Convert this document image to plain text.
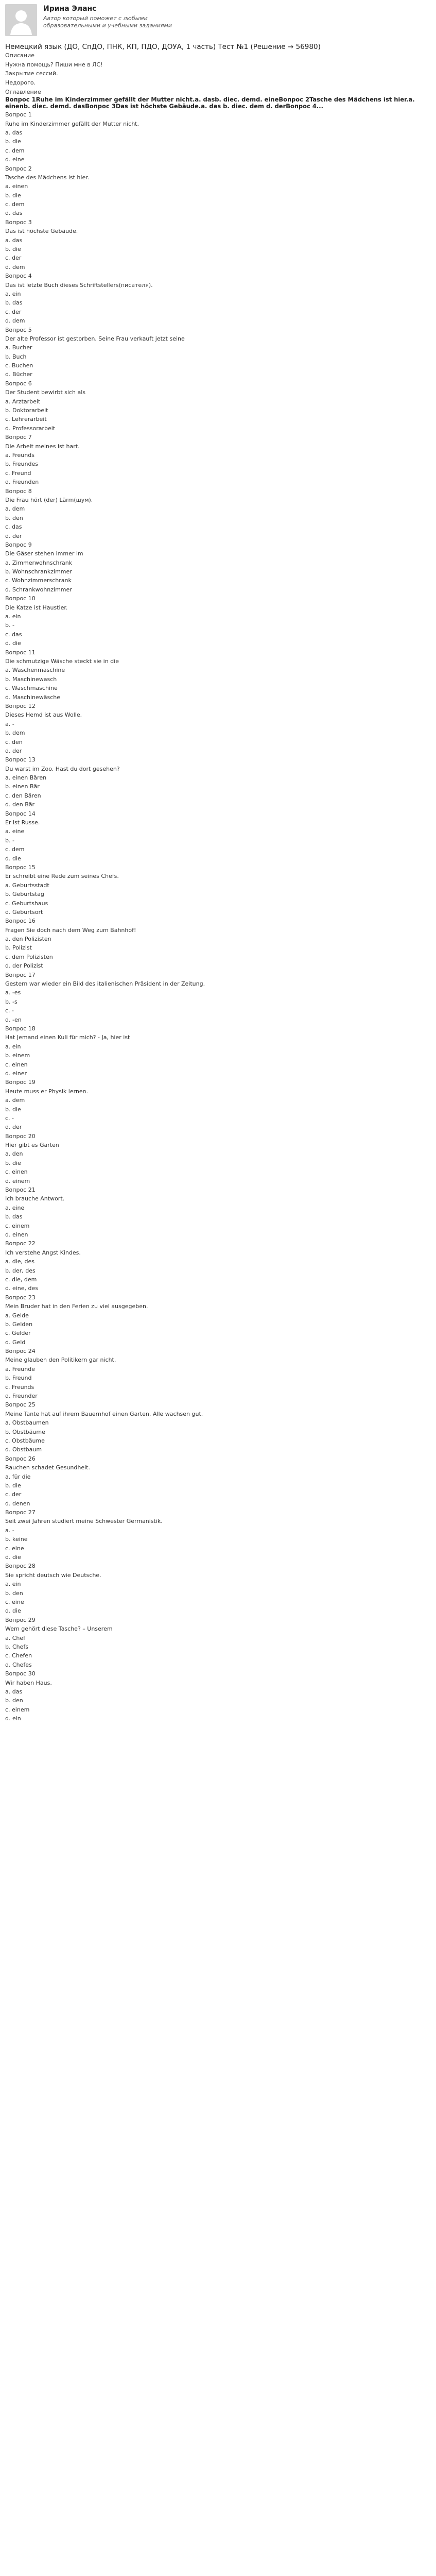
Ирина Эланс
Автор который поможет с любыми образовательными и учебными заданиями
Немецкий язык (ДО, СпДО, ПНК, КП, ПДО, ДОУА, 1 часть) Тест №1 (Решение → 56980)
Описание
Нужна помощь? Пиши мне в ЛС!
Закрытие сессий.
Недорого.
Оглавление
Вопрос 1Ruhe im Kinderzimmer gefällt der Mutter nicht.a. dasb. diec. demd. eineВопрос 2Tasche des Mädchens ist hier.a. einenb. diec. demd. dasВопрос 3Das ist höchste Gebäude.a. das b. diec. dem d. derВопрос 4...
Вопрос 1
Ruhe im Kinderzimmer gefällt der Mutter nicht.
a. das
b. die
c. dem
d. eine
Вопрос 2
Tasche des Mädchens ist hier.
a. einen
b. die
c. dem
d. das
Вопрос 3
Das ist höchste Gebäude.
a. das
b. die
c. der
d. dem
Вопрос 4
Das ist letzte Buch dieses Schriftstellers(писателя).
a. ein
b. das
c. der
d. dem
Вопрос 5
Der alte Professor ist gestorben. Seine Frau verkauft jetzt seine
a. Bucher
b. Buch
c. Buchen
d. Bücher
Вопрос 6
Der Student bewirbt sich als
a. Arztarbeit
b. Doktorarbeit
c. Lehrerarbeit
d. Professorarbeit
Вопрос 7
Die Arbeit meines ist hart.
a. Freunds
b. Freundes
c. Freund
d. Freunden
Вопрос 8
Die Frau hört (der) Lärm(шум).
a. dem
b. den
c. das
d. der
Вопрос 9
Die Gäser stehen immer im
a. Zimmerwohnschrank
b. Wohnschrankzimmer
c. Wohnzimmerschrank
d. Schrankwohnzimmer
Вопрос 10
Die Katze ist Haustier.
a. ein
b. -
c. das
d. die
Вопрос 11
Die schmutzige Wäsche steckt sie in die
a. Waschenmaschine
b. Maschinewasch
c. Waschmaschine
d. Maschinewäsche
Вопрос 12
Dieses Hemd ist aus Wolle.
a. -
b. dem
c. den
d. der
Вопрос 13
Du warst im Zoo. Hast du dort gesehen?
a. einen Bären
b. einen Bär
c. den Bären
d. den Bär
Вопрос 14
Er ist Russe.
a. eine
b. -
c. dem
d. die
Вопрос 15
Er schreibt eine Rede zum seines Chefs.
a. Geburtsstadt
b. Geburtstag
c. Geburtshaus
d. Geburtsort
Вопрос 16
Fragen Sie doch nach dem Weg zum Bahnhof!
a. den Polizisten
b. Polizist
c. dem Polizisten
d. der Polizist
Вопрос 17
Gestern war wieder ein Bild des italienischen Präsident in der Zeitung.
a. -es
b. -s
c. -
d. -en
Вопрос 18
Hat Jemand einen Kuli für mich? - Ja, hier ist
a. ein
b. einem
c. einen
d. einer
Вопрос 19
Heute muss er Physik lernen.
a. dem
b. die
c. -
d. der
Вопрос 20
Hier gibt es Garten
a. den
b. die
c. einen
d. einem
Вопрос 21
Ich brauche Antwort.
a. eine
b. das
c. einem
d. einen
Вопрос 22
Ich verstehe Angst Kindes.
a. die, des
b. der, des
c. die, dem
d. eine, des
Вопрос 23
Mein Bruder hat in den Ferien zu viel ausgegeben.
a. Gelde
b. Gelden
c. Gelder
d. Geld
Вопрос 24
Meine glauben den Politikern gar nicht.
a. Freunde
b. Freund
c. Freunds
d. Freunder
Вопрос 25
Meine Tante hat auf ihrem Bauernhof einen Garten. Alle wachsen gut.
a. Obstbaumen
b. Obstbäume
c. Obstbäume
d. Obstbaum
Вопрос 26
Rauchen schadet Gesundheit.
a. für die
b. die
c. der
d. denen
Вопрос 27
Seit zwei Jahren studiert meine Schwester Germanistik.
a. -
b. keine
c. eine
d. die
Вопрос 28
Sie spricht deutsch wie Deutsche.
a. ein
b. den
c. eine
d. die
Вопрос 29
Wem gehört diese Tasche? – Unserem
a. Chef
b. Chefs
c. Chefen
d. Chefes
Вопрос 30
Wir haben Haus.
a. das
b. den
c. einem
d. ein
